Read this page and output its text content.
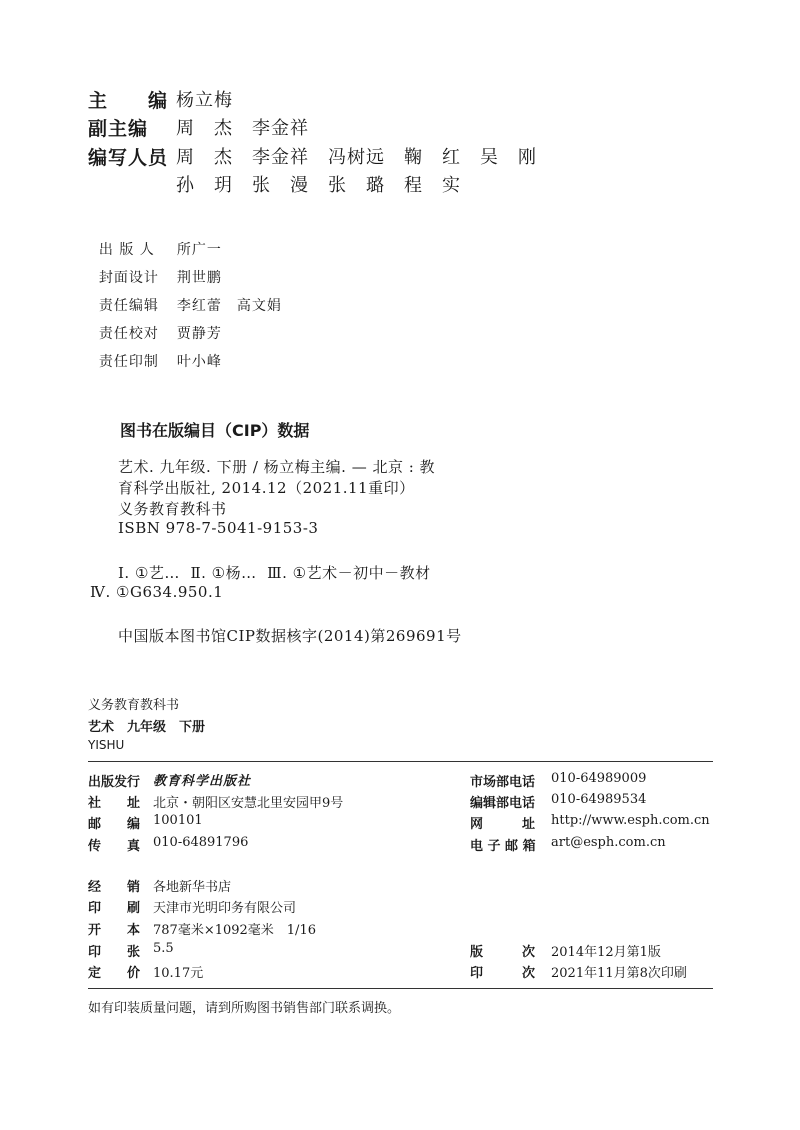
主　　编 杨立梅
副主编 周　杰　李金祥
编写人员 周　杰　李金祥　冯树远　鞠　红　吴　刚
孙　玥　张　漫　张　璐　程　实

出 版 人 所广一

封面设计 荆世鹏

责任编辑 李红蕾　高文娟

责任校对 贾静芳

责任印制 叶小峰

图书在版编目（CIP）数据
艺术. 九年级. 下册 / 杨立梅主编. — 北京 : 教
育科学出版社, 2014.12（2021.11重印）
义务教育教科书
ISBN 978-7-5041-9153-3
Ⅰ. ①艺…  Ⅱ. ①杨…  Ⅲ. ①艺术－初中－教材
Ⅳ. ①G634.950.1
中国版本图书馆CIP数据核字(2014)第269691号
义务教育教科书
艺术　九年级　下册
YISHU
出版发行 教育科学出版社
社　　址 北京・朝阳区安慧北里安园甲9号
邮　　编 100101
传　　真 010-64891796
市场部电话 010-64989009
编辑部电话 010-64989534
网　　　址 http://www.esph.com.cn
电 子 邮 箱 art@esph.com.cn
经　　销 各地新华书店
印　　刷 天津市光明印务有限公司
开　　本 787毫米×1092毫米　1/16
印　　张 5.5
定　　价 10.17元
版　　　次 2014年12月第1版
印　　　次 2021年11月第8次印刷
如有印装质量问题，请到所购图书销售部门联系调换。
